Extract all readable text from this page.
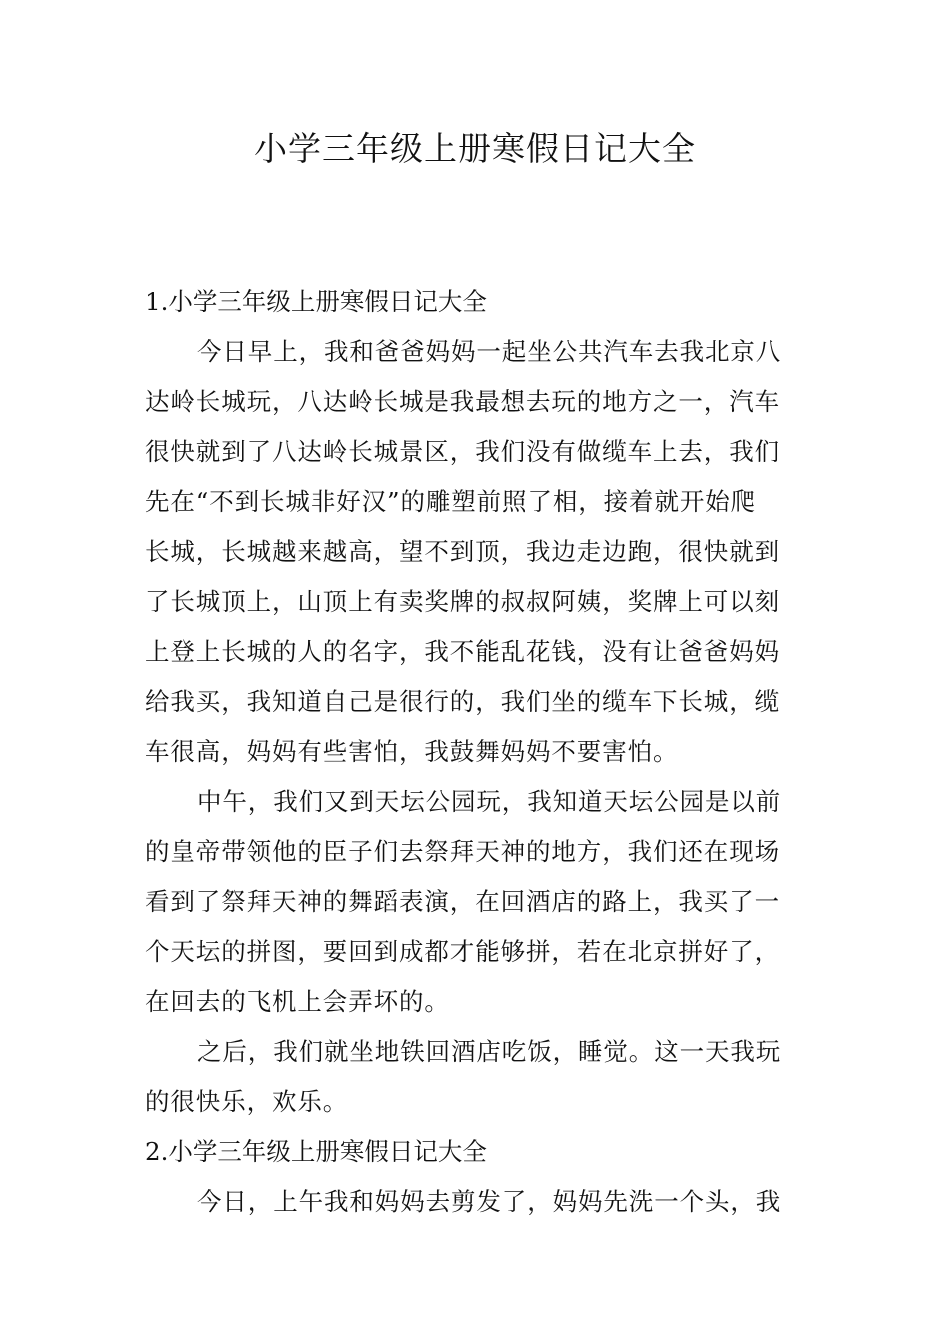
小学三年级上册寒假日记大全
1.小学三年级上册寒假日记大全
今日早上，我和爸爸妈妈一起坐公共汽车去我北京八
达岭长城玩，八达岭长城是我最想去玩的地方之一，汽车
很快就到了八达岭长城景区，我们没有做缆车上去，我们
先在“不到长城非好汉”的雕塑前照了相，接着就开始爬
长城，长城越来越高，望不到顶，我边走边跑，很快就到
了长城顶上，山顶上有卖奖牌的叔叔阿姨，奖牌上可以刻
上登上长城的人的名字，我不能乱花钱，没有让爸爸妈妈
给我买，我知道自己是很行的，我们坐的缆车下长城，缆
车很高，妈妈有些害怕，我鼓舞妈妈不要害怕。
中午，我们又到天坛公园玩，我知道天坛公园是以前
的皇帝带领他的臣子们去祭拜天神的地方，我们还在现场
看到了祭拜天神的舞蹈表演，在回酒店的路上，我买了一
个天坛的拼图，要回到成都才能够拼，若在北京拼好了，
在回去的飞机上会弄坏的。
之后，我们就坐地铁回酒店吃饭，睡觉。这一天我玩
的很快乐，欢乐。
2.小学三年级上册寒假日记大全
今日，上午我和妈妈去剪发了，妈妈先洗一个头，我
